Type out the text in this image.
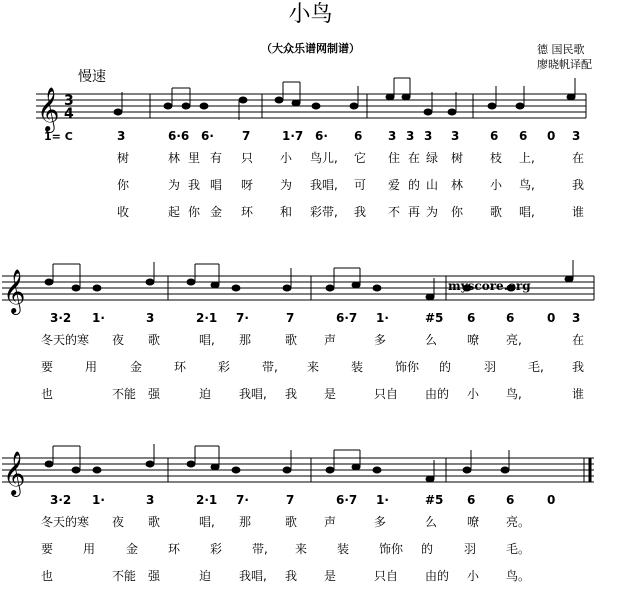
小鸟
（大众乐谱网制谱）	德 国民歌
廖晓帆译配
慢速
1= C
𝄞 3
4
3	6·6 6· 7	1·7 6· 6 3 3 3 3	6 6 0 3
树	林 里 有 只 小 鸟儿, 它 住 在 绿 树 枝 上,	在
你	为 我 唱 呀 为 我唱, 可 爱 的 山 林 小 鸟,	我
收	起 你 金 环 和 彩带, 我 不 再 为 你 歌 唱,	谁
𝄞	myscore.org
3·2 1·	3	2·1 7·	7	6·7 1·	#5 6	6	0 3
冬天的寒 夜 歌	唱, 那	歌 声	多	么 嘹 亮,	在
要	用	金	环	彩	带, 来	装	饰你 的	羽	毛, 我
也	不能 强	迫 我唱, 我 是	只自 由的 小 鸟,	谁
𝄞
3·2 1·	3	2·1 7·	7	6·7 1·	#5 6	6	0
冬天的寒 夜 歌	唱, 那	歌 声	多	么 嘹 亮。
要 用	金 环 彩 带, 来 装 饰你 的	羽 毛。
也	不能 强	迫 我唱, 我 是	只自 由的 小 鸟。
